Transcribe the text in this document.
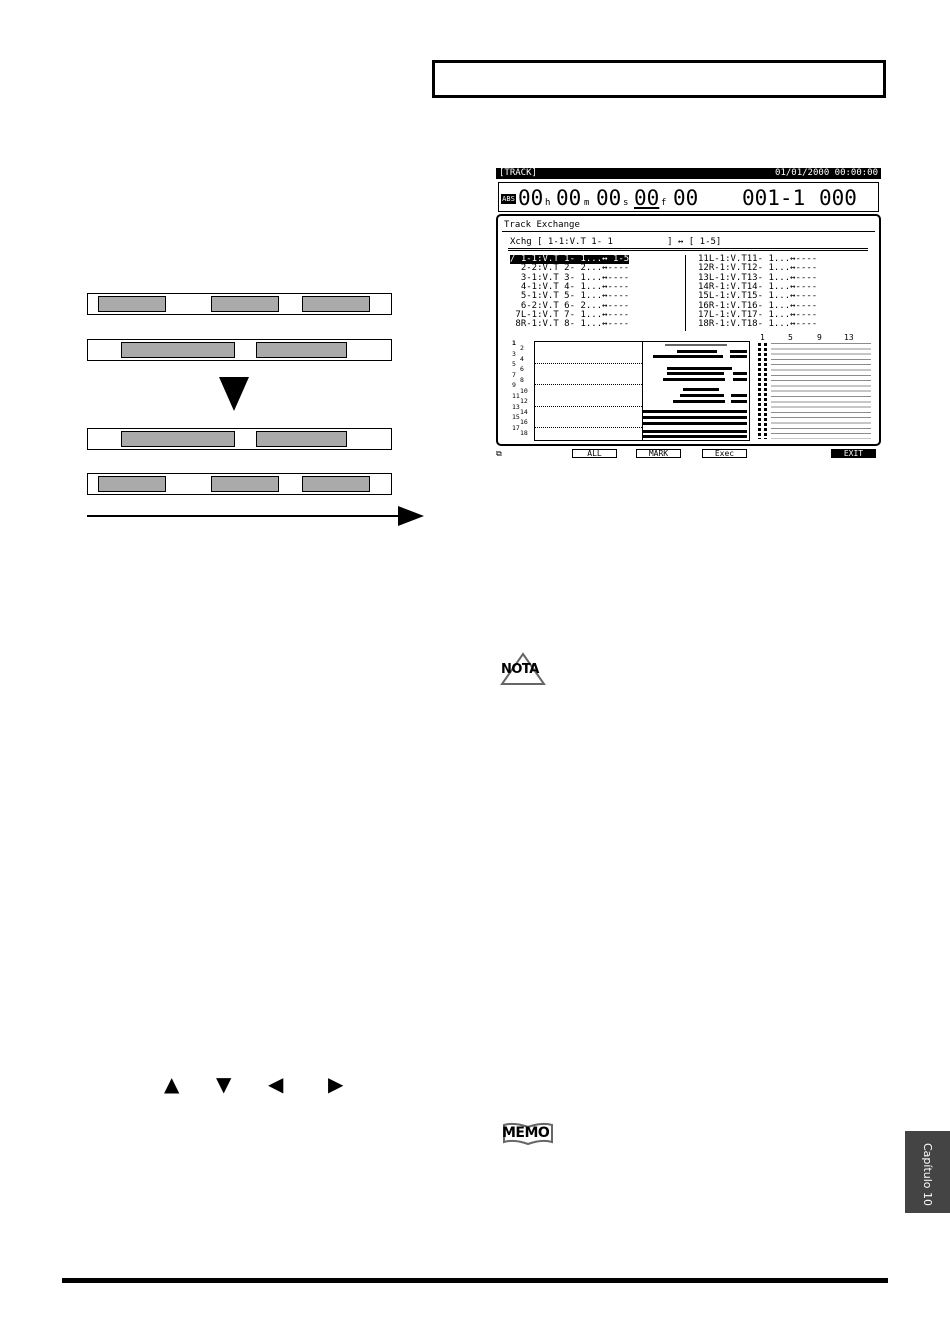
[TRACK]	01/01/2000 00:00:00
ABS 00 h 00 m 00 s 00 f 00 001-1 000
Track Exchange
Xchg [ 1-1:V.T 1- 1          ] ↔ [ 1-5]
/ 1-1:V.T 1- 1...↔ 1-5
2-2:V.T 2- 2...↔----
3-1:V.T 3- 1...↔----
4-1:V.T 4- 1...↔----
5-1:V.T 5- 1...↔----
6-2:V.T 6- 2...↔----
7L-1:V.T 7- 1...↔----
8R-1:V.T 8- 1...↔----
11L-1:V.T11- 1...↔----
12R-1:V.T12- 1...↔----
13L-1:V.T13- 1...↔----
14R-1:V.T14- 1...↔----
15L-1:V.T15- 1...↔----
16R-1:V.T16- 1...↔----
17L-1:V.T17- 1...↔----
18R-1:V.T18- 1...↔----
1
2
3
4
5
6
7
8
9
10
11
12
13
14
15
16
17
18
1	5	9	13
⧉	ALL	MARK	Exec	EXIT
NOTA
MEMO
▲ ▼ ◀ ▶
Capítulo 10
